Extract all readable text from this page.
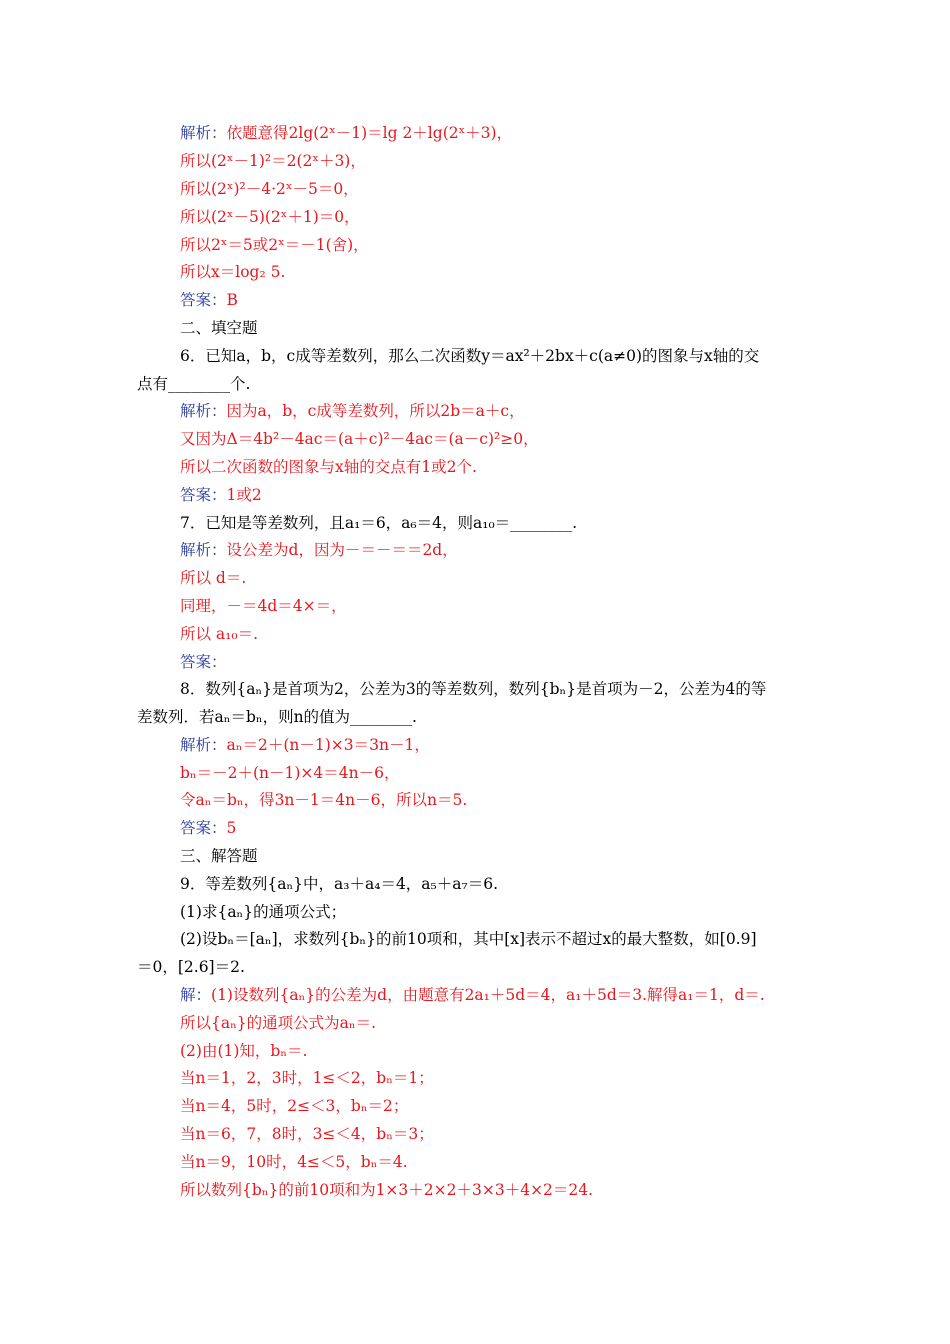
解析：依题意得2lg(2ˣ－1)＝lg 2＋lg(2ˣ＋3)，
所以(2ˣ－1)²＝2(2ˣ＋3)，
所以(2ˣ)²－4·2ˣ－5＝0，
所以(2ˣ－5)(2ˣ＋1)＝0，
所以2ˣ＝5或2ˣ＝－1(舍)，
所以x＝log₂ 5.
答案：B
二、填空题
6．已知a，b，c成等差数列，那么二次函数y＝ax²＋2bx＋c(a≠0)的图象与x轴的交
点有________个.
解析：因为a，b，c成等差数列，所以2b＝a＋c，
又因为Δ＝4b²－4ac＝(a＋c)²－4ac＝(a－c)²≥0，
所以二次函数的图象与x轴的交点有1或2个.
答案：1或2
7．已知是等差数列，且a₁＝6，a₆＝4，则a₁₀＝________.
解析：设公差为d，因为－＝－＝＝2d，
所以 d＝.
同理，－＝4d＝4×＝，
所以 a₁₀＝.
答案：
8．数列{aₙ}是首项为2，公差为3的等差数列，数列{bₙ}是首项为－2，公差为4的等
差数列．若aₙ＝bₙ，则n的值为________.
解析：aₙ＝2＋(n－1)×3＝3n－1，
bₙ＝－2＋(n－1)×4＝4n－6，
令aₙ＝bₙ，得3n－1＝4n－6，所以n＝5.
答案：5
三、解答题
9．等差数列{aₙ}中，a₃＋a₄＝4，a₅＋a₇＝6.
(1)求{aₙ}的通项公式；
(2)设bₙ＝[aₙ]，求数列{bₙ}的前10项和，其中[x]表示不超过x的最大整数，如[0.9]
＝0，[2.6]＝2.
解：(1)设数列{aₙ}的公差为d，由题意有2a₁＋5d＝4，a₁＋5d＝3.解得a₁＝1，d＝.
所以{aₙ}的通项公式为aₙ＝.
(2)由(1)知，bₙ＝.
当n＝1，2，3时，1≤＜2，bₙ＝1；
当n＝4，5时，2≤＜3，bₙ＝2；
当n＝6，7，8时，3≤＜4，bₙ＝3；
当n＝9，10时，4≤＜5，bₙ＝4.
所以数列{bₙ}的前10项和为1×3＋2×2＋3×3＋4×2＝24.
